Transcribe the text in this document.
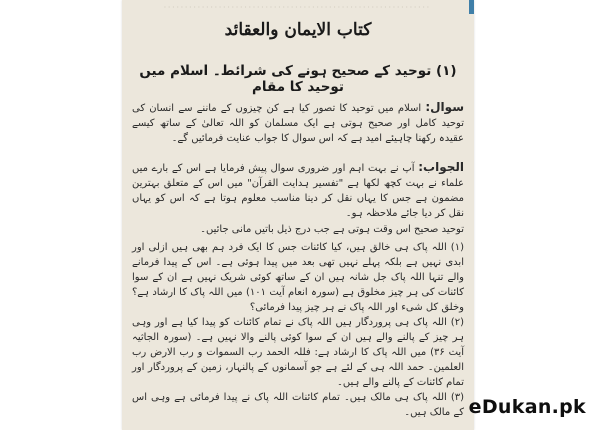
کتاب الایمان والعقائد
(۱) توحید کے صحیح ہونے کی شرائط۔ اسلام میں توحید کا مقام

سوال: اسلام میں توحید کا تصور کیا ہے کن چیزوں کے ماننے سے انسان کی توحید کامل اور صحیح ہوتی ہے ایک مسلمان کو اللہ تعالیٰ کے ساتھ کیسے عقیدہ رکھنا چاہیئے امید ہے کہ اس سوال کا جواب عنایت فرمائیں گے۔

الجواب: آپ نے بہت اہم اور ضروری سوال پیش فرمایا ہے اس کے بارے میں علماء نے بہت کچھ لکھا ہے "تفسیر ہدایت القرآن" میں اس کے متعلق بہترین مضمون ہے جس کا یہاں نقل کر دینا مناسب معلوم ہوتا ہے کہ اس کو یہاں نقل کر دیا جائے ملاحظہ ہو۔

توحید صحیح اس وقت ہوتی ہے جب درج ذیل باتیں مانی جائیں۔

(۱) اللہ پاک ہی خالق ہیں، کیا کائنات جس کا ایک فرد ہم بھی ہیں ازلی اور ابدی نہیں ہے بلکہ پہلے نہیں تھی بعد میں پیدا ہوئی ہے۔ اس کے پیدا فرمانے والے تنہا اللہ پاک جل شانہ ہیں ان کے ساتھ کوئی شریک نہیں ہے ان کے سوا کائنات کی ہر چیز مخلوق ہے (سورہ انعام آیت ۱۰۱) میں اللہ پاک کا ارشاد ہے؟ وخلق کل شیء اور اللہ پاک نے ہر چیز پیدا فرمائی؟

(۲) اللہ پاک ہی پروردگار ہیں اللہ پاک نے تمام کائنات کو پیدا کیا ہے اور وہی ہر چیز کے پالنے والے ہیں ان کے سوا کوئی پالنے والا نہیں ہے۔ (سورہ الجاثیہ آیت ۳۶) میں اللہ پاک کا ارشاد ہے: فللہ الحمد رب السموات و رب الارض رب العلمین۔ حمد اللہ ہی کے لئے ہے جو آسمانوں کے پالنہار، زمین کے پروردگار اور تمام کائنات کے پالنے والے ہیں۔

(۳) اللہ پاک ہی مالک ہیں۔ تمام کائنات اللہ پاک نے پیدا فرمائی ہے وہی اس کے مالک ہیں۔ eDukan.pk
